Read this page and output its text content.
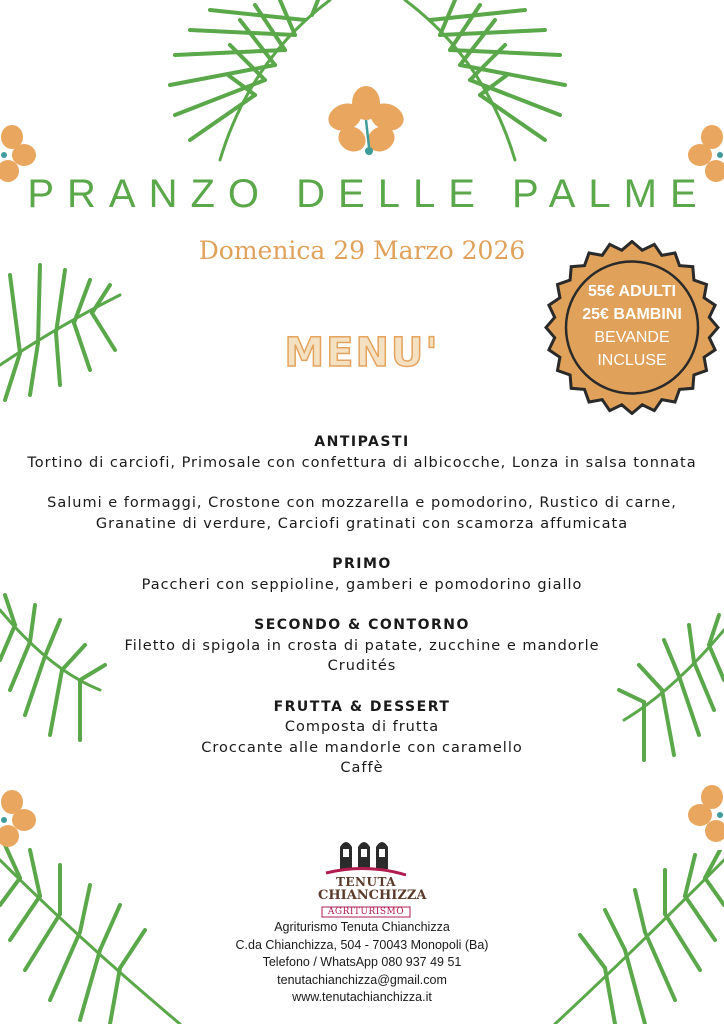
PRANZO DELLE PALME
Domenica 29 Marzo 2026
MENU'
55€ ADULTI
25€ BAMBINI
BEVANDE
INCLUSE
ANTIPASTI
Tortino di carciofi, Primosale con confettura di albicocche, Lonza in salsa tonnata
Salumi e formaggi, Crostone con mozzarella e pomodorino, Rustico di carne,
Granatine di verdure, Carciofi gratinati con scamorza affumicata
PRIMO
Paccheri con seppioline, gamberi e pomodorino giallo
SECONDO & CONTORNO
Filetto di spigola in crosta di patate, zucchine e mandorle
Crudités
FRUTTA & DESSERT
Composta di frutta
Croccante alle mandorle con caramello
Caffè
TENUTA
CHIANCHIZZA
AGRITURISMO
Agriturismo Tenuta Chianchizza
C.da Chianchizza, 504 - 70043 Monopoli (Ba)
Telefono / WhatsApp 080 937 49 51
tenutachianchizza@gmail.com
www.tenutachianchizza.it
